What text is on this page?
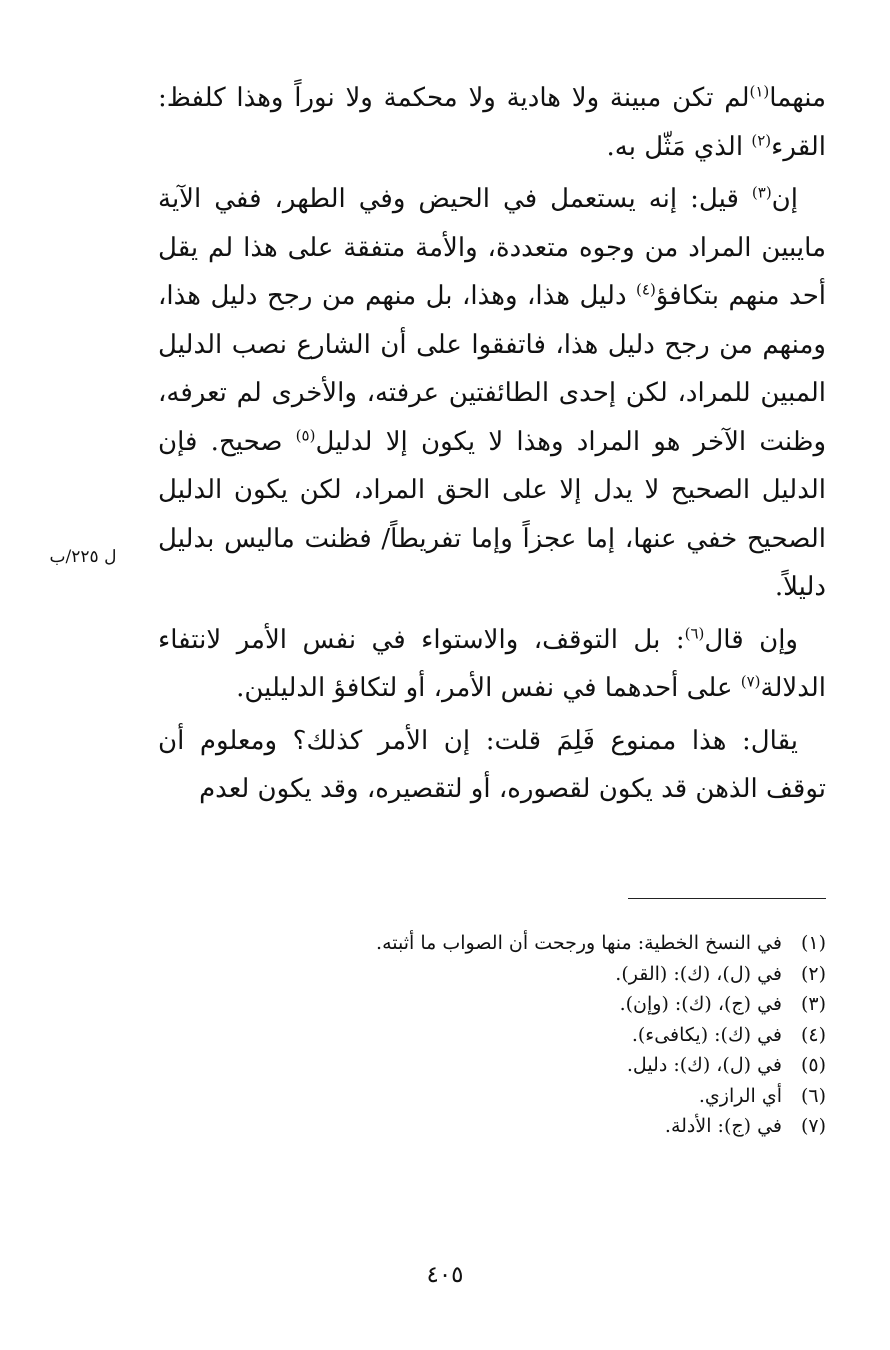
منهما$^{(١)}$لم تكن مبينة ولا هادية ولا محكمة ولا نوراً وهذا كلفظ: القرء$^{(٢)}$ الذي مَثّل به.

إن$^{(٣)}$ قيل: إنه يستعمل في الحيض وفي الطهر، ففي الآية مايبين المراد من وجوه متعددة، والأمة متفقة على هذا لم يقل أحد منهم بتكافؤ$^{(٤)}$ دليل هذا، وهذا، بل منهم من رجح دليل هذا، ومنهم من رجح دليل هذا، فاتفقوا على أن الشارع نصب الدليل المبين للمراد، لكن إحدى الطائفتين عرفته، والأخرى لم تعرفه، وظنت الآخر هو المراد وهذا لا يكون إلا لدليل$^{(٥)}$ صحيح. فإن الدليل الصحيح لا يدل إلا على الحق المراد، لكن يكون الدليل الصحيح خفي عنها، إما عجزاً وإما تفريطاً/ فظنت ماليس بدليل دليلاً.

وإن قال$^{(٦)}$: بل التوقف، والاستواء في نفس الأمر لانتفاء الدلالة$^{(٧)}$ على أحدهما في نفس الأمر، أو لتكافؤ الدليلين.

يقال: هذا ممنوع فَلِمَ قلت: إن الأمر كذلك؟ ومعلوم أن توقف الذهن قد يكون لقصوره، أو لتقصيره، وقد يكون لعدم

ل ٢٢٥/ب
(١)
في النسخ الخطية: منها ورجحت أن الصواب ما أثبته.
(٢)
في (ل)، (ك): (القر).
(٣)
في (ج)، (ك): (وإن).
(٤)
في (ك): (يكافىء).
(٥)
في (ل)، (ك): دليل.
(٦)
أي الرازي.
(٧)
في (ج): الأدلة.
٤٠٥
